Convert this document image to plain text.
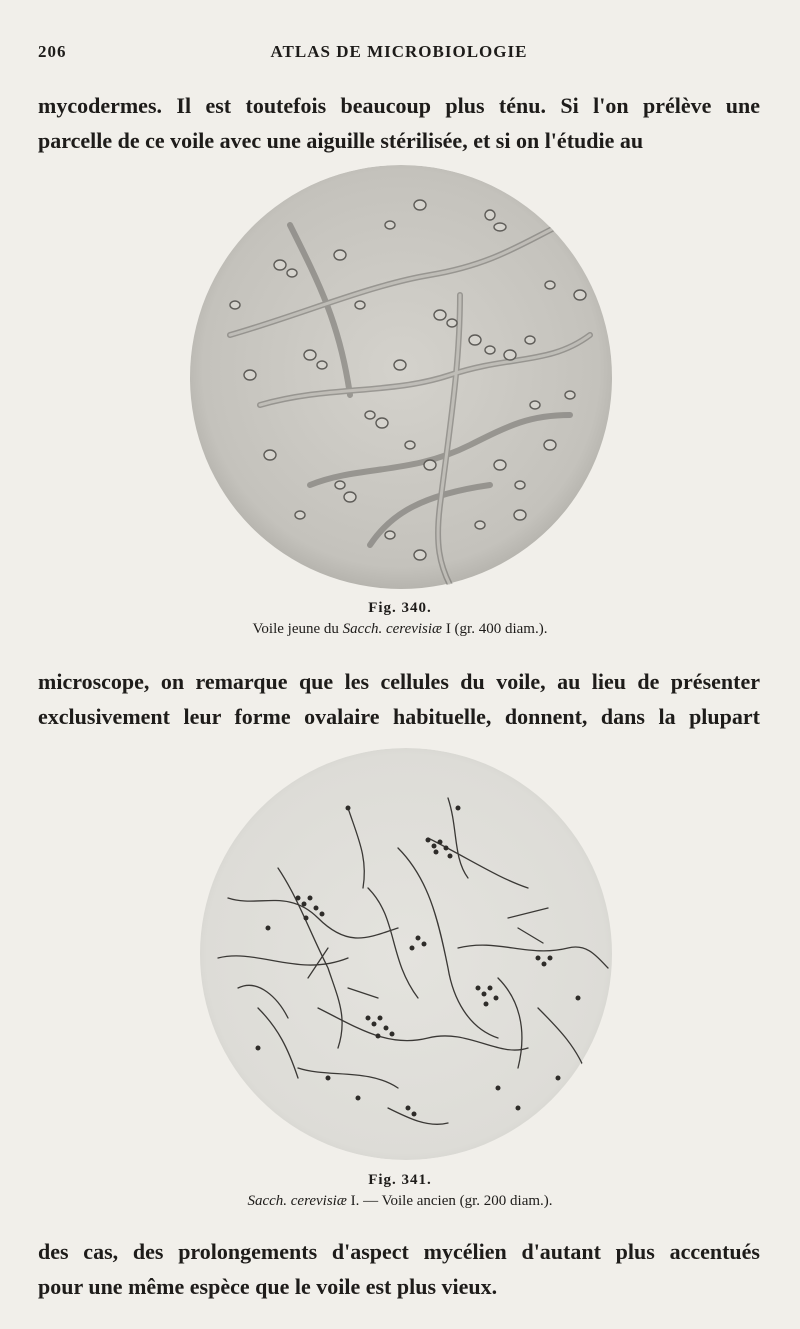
206	ATLAS DE MICROBIOLOGIE
mycodermes. Il est toutefois beaucoup plus ténu. Si l'on prélève une
parcelle de ce voile avec une aiguille stérilisée, et si on l'étudie au
Fig. 340.
Voile jeune du Sacch. cerevisiæ I (gr. 400 diam.).
microscope, on remarque que les cellules du voile, au lieu de présenter
exclusivement leur forme ovalaire habituelle, donnent, dans la plupart
Fig. 341.
Sacch. cerevisiæ I. — Voile ancien (gr. 200 diam.).
des cas, des prolongements d'aspect mycélien d'autant plus accentués
pour une même espèce que le voile est plus vieux.
